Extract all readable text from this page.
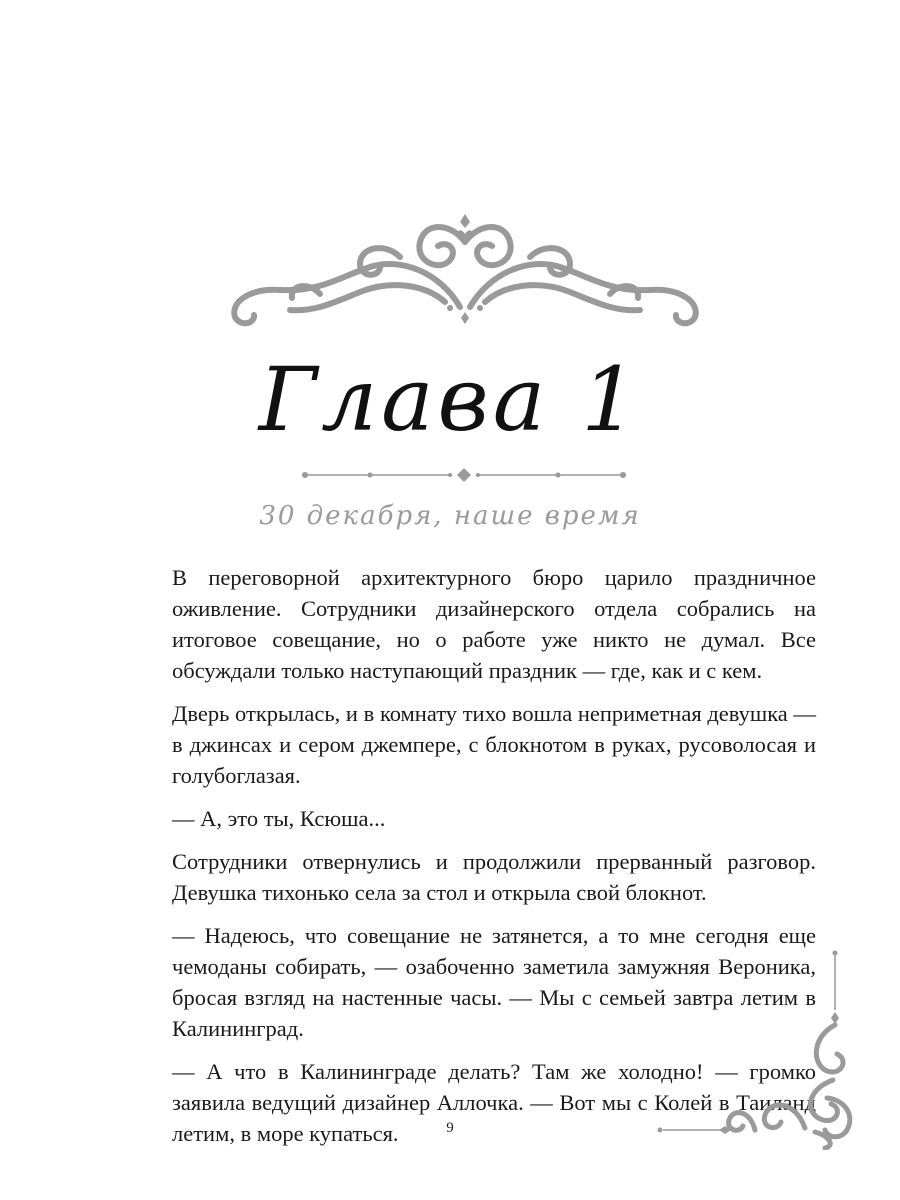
Глава 1
30 декабря, наше время

В переговорной архитектурного бюро царило праздничное оживление. Сотрудники дизайнерского отдела собрались на итоговое совещание, но о работе уже никто не думал. Все обсуждали только наступающий праздник — где, как и с кем.

Дверь открылась, и в комнату тихо вошла неприметная девушка — в джинсах и сером джемпере, с блокнотом в руках, русоволосая и голубоглазая.

— А, это ты, Ксюша...

Сотрудники отвернулись и продолжили прерванный разговор. Девушка тихонько села за стол и открыла свой блокнот.

— Надеюсь, что совещание не затянется, а то мне сегодня еще чемоданы собирать, — озабоченно заметила замужняя Вероника, бросая взгляд на настенные часы. — Мы с семьей завтра летим в Калининград.

— А что в Калининграде делать? Там же холодно! — громко заявила ведущий дизайнер Аллочка. — Вот мы с Колей в Таиланд летим, в море купаться.	9
